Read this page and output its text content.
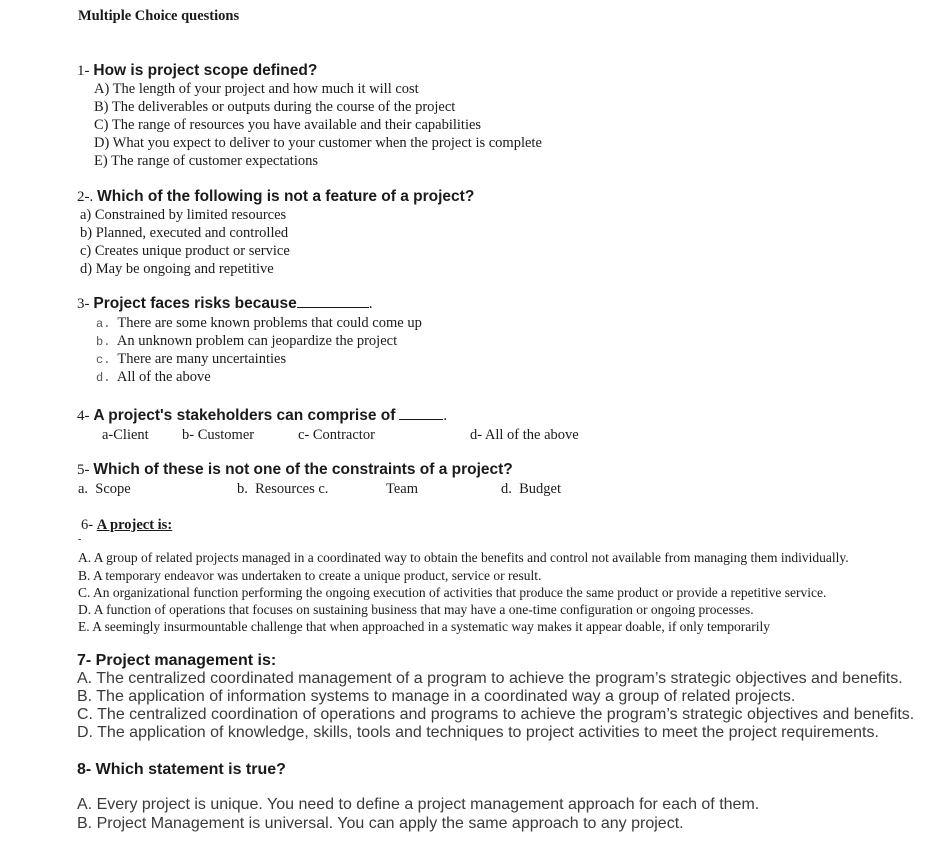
Multiple Choice questions
1- How is project scope defined?
A) The length of your project and how much it will cost
B) The deliverables or outputs during the course of the project
C) The range of resources you have available and their capabilities
D) What you expect to deliver to your customer when the project is complete
E) The range of customer expectations
2-. Which of the following is not a feature of a project?
a) Constrained by limited resources
b) Planned, executed and controlled
c) Creates unique product or service
d) May be ongoing and repetitive
3- Project faces risks because	.
a. There are some known problems that could come up
b. An unknown problem can jeopardize the project
c. There are many uncertainties
d. All of the above
4- A project's stakeholders can comprise of	.
a-Client b- Customer	c- Contractor	d- All of the above
5- Which of these is not one of the constraints of a project?
a.  Scope	b.  Resources c.	Team	d.  Budget
6- A project is:
-
A. A group of related projects managed in a coordinated way to obtain the benefits and control not available from managing them individually.
B. A temporary endeavor was undertaken to create a unique product, service or result.
C. An organizational function performing the ongoing execution of activities that produce the same product or provide a repetitive service.
D. A function of operations that focuses on sustaining business that may have a one-time configuration or ongoing processes.
E. A seemingly insurmountable challenge that when approached in a systematic way makes it appear doable, if only temporarily
7- Project management is:
A. The centralized coordinated management of a program to achieve the program’s strategic objectives and benefits.
B. The application of information systems to manage in a coordinated way a group of related projects.
C. The centralized coordination of operations and programs to achieve the program’s strategic objectives and benefits.
D. The application of knowledge, skills, tools and techniques to project activities to meet the project requirements.
8- Which statement is true?
A. Every project is unique. You need to define a project management approach for each of them.
B. Project Management is universal. You can apply the same approach to any project.
